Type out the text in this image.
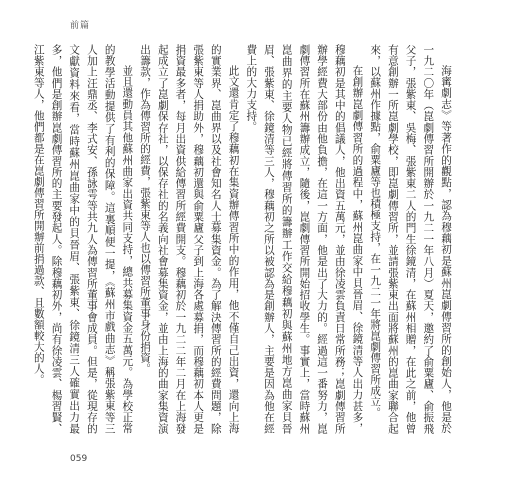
前篇

海寗劇志》等著作的觀點，認為穆藕初是蘇州崑劇傳習所的創始人，他是於一九二〇年（崑劇傳習所開辦於一九二一年八月）夏天，邀約了俞粟廬、俞振飛父子，張紫東、吳梅、張紫東二人的門生徐鏡清，在蘇州相贈，在此之前，他曾有意創辦一所崑劇學校，即崑劇傳習所，並請張紫東出面將蘇州的崑曲家聯合起來，以蘇州作據點，俞粟廬等也積極支持，在一九二一年將崑劇傳習所成立。

在創辦崑劇傳習所的過程中，蘇州崑曲家中貝晉眉、徐鏡清等人出力甚多，穆藕初是其中的倡議人，他出資五萬元，並由徐凌雲負責日常所務；崑劇傳習所辦學經費大部份由他負擔，在這一方面，他是出了大力的。經過這一番努力，崑劇傳習所在蘇州籌辦成立，隨後，崑劇傳習所開始招收學生。事實上，當時蘇州崑曲界的主要人物已經將傳習所的籌辦工作交給穆藕初與蘇州地方崑曲家貝晉眉、張紫東、徐鏡清等三人，穆藕初之所以被認為是創辦人，主要是因為他在經費上的大力支持。

此文還肯定了穆藕初在集資辦傳習所中的作用，他不僅自己出資，還向上海的實業界、崑曲界以及社會知名人士募集資金。為了解決傳習所的經費問題，除張紫東等人捐助外，穆藕初還與俞粟廬父子到上海各處募捐，而穆藕初本人更是捐資最多者，每月出資供給傳習所經費開支。穆藕初於一九二二年二月在上海發起成立了崑劇保存社，以保存社的名義向社會募集資金，並由上海的曲家集資演出籌款，作為傳習所的經費，張紫東等人也以傳習所董事身份捐資。

並且還動員其他蘇州曲家出資共同支持，總共募集資金五萬元。為學校正常的教學活動提供了有利的保障。這裏順便一提，《蘇州市戲曲志》稱張紫東等三人加上汪鼎丞、李式安、孫詠雩等共九人為傳習所董事會成員。但是，從現存的文獻資料來看，當時蘇州崑曲家中的貝晉眉、張紫東、徐鏡清三人確實出力最多，他們是創辦崑劇傳習所的主要發起人。除穆藕初外，尚有徐凌雲、楊習賢、江紫東等人，他們都是在崑劇傳習所開辦前捐過款、且數額較大的人。

059
